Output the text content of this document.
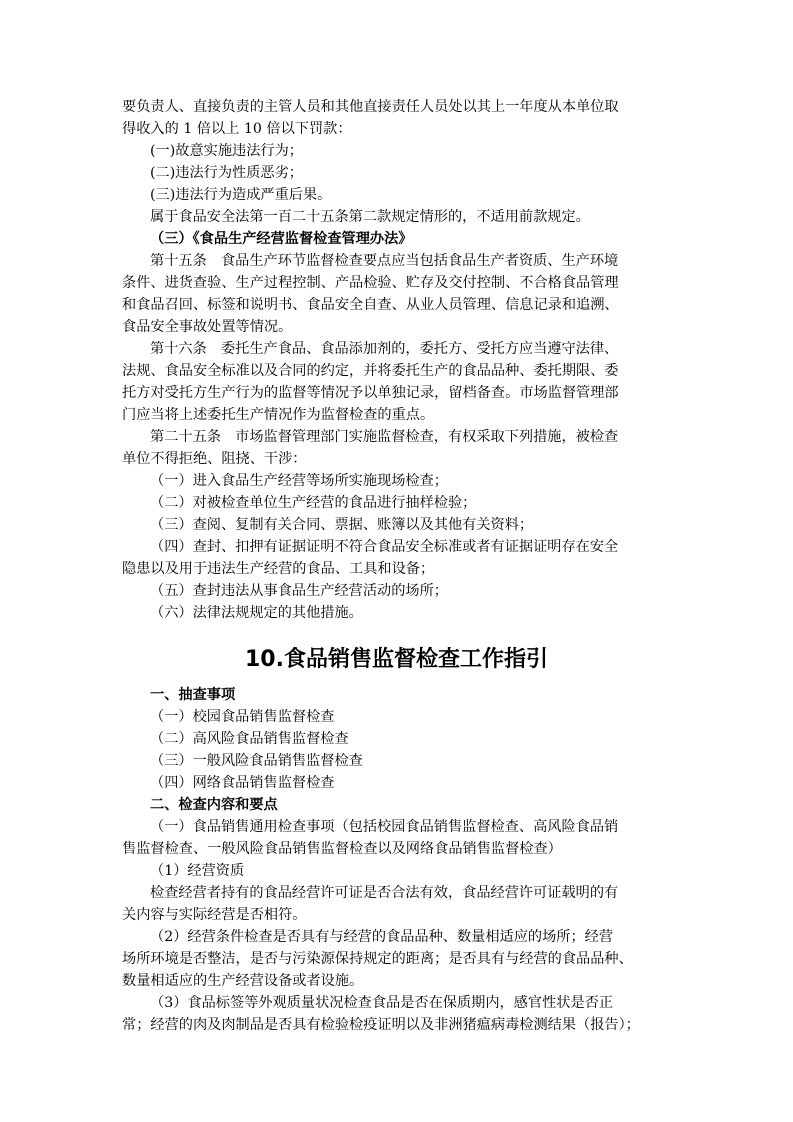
要负责人、直接负责的主管人员和其他直接责任人员处以其上一年度从本单位取
得收入的 1 倍以上 10 倍以下罚款：
(一)故意实施违法行为；
(二)违法行为性质恶劣；
(三)违法行为造成严重后果。
属于食品安全法第一百二十五条第二款规定情形的，不适用前款规定。
（三）《食品生产经营监督检查管理办法》
第十五条　食品生产环节监督检查要点应当包括食品生产者资质、生产环境
条件、进货查验、生产过程控制、产品检验、贮存及交付控制、不合格食品管理
和食品召回、标签和说明书、食品安全自查、从业人员管理、信息记录和追溯、
食品安全事故处置等情况。
第十六条　委托生产食品、食品添加剂的，委托方、受托方应当遵守法律、
法规、食品安全标准以及合同的约定，并将委托生产的食品品种、委托期限、委
托方对受托方生产行为的监督等情况予以单独记录，留档备查。市场监督管理部
门应当将上述委托生产情况作为监督检查的重点。
第二十五条　市场监督管理部门实施监督检查，有权采取下列措施，被检查
单位不得拒绝、阻挠、干涉：
（一）进入食品生产经营等场所实施现场检查；
（二）对被检查单位生产经营的食品进行抽样检验；
（三）查阅、复制有关合同、票据、账簿以及其他有关资料；
（四）查封、扣押有证据证明不符合食品安全标准或者有证据证明存在安全
隐患以及用于违法生产经营的食品、工具和设备；
（五）查封违法从事食品生产经营活动的场所；
（六）法律法规规定的其他措施。
10.食品销售监督检查工作指引
一、抽查事项
（一）校园食品销售监督检查
（二）高风险食品销售监督检查
（三）一般风险食品销售监督检查
（四）网络食品销售监督检查
二、检查内容和要点
（一）食品销售通用检查事项（包括校园食品销售监督检查、高风险食品销
售监督检查、一般风险食品销售监督检查以及网络食品销售监督检查）
（1）经营资质
检查经营者持有的食品经营许可证是否合法有效，食品经营许可证载明的有
关内容与实际经营是否相符。
（2）经营条件检查是否具有与经营的食品品种、数量相适应的场所；经营
场所环境是否整洁，是否与污染源保持规定的距离；是否具有与经营的食品品种、
数量相适应的生产经营设备或者设施。
（3）食品标签等外观质量状况检查食品是否在保质期内，感官性状是否正
常；经营的肉及肉制品是否具有检验检疫证明以及非洲猪瘟病毒检测结果（报告）；
